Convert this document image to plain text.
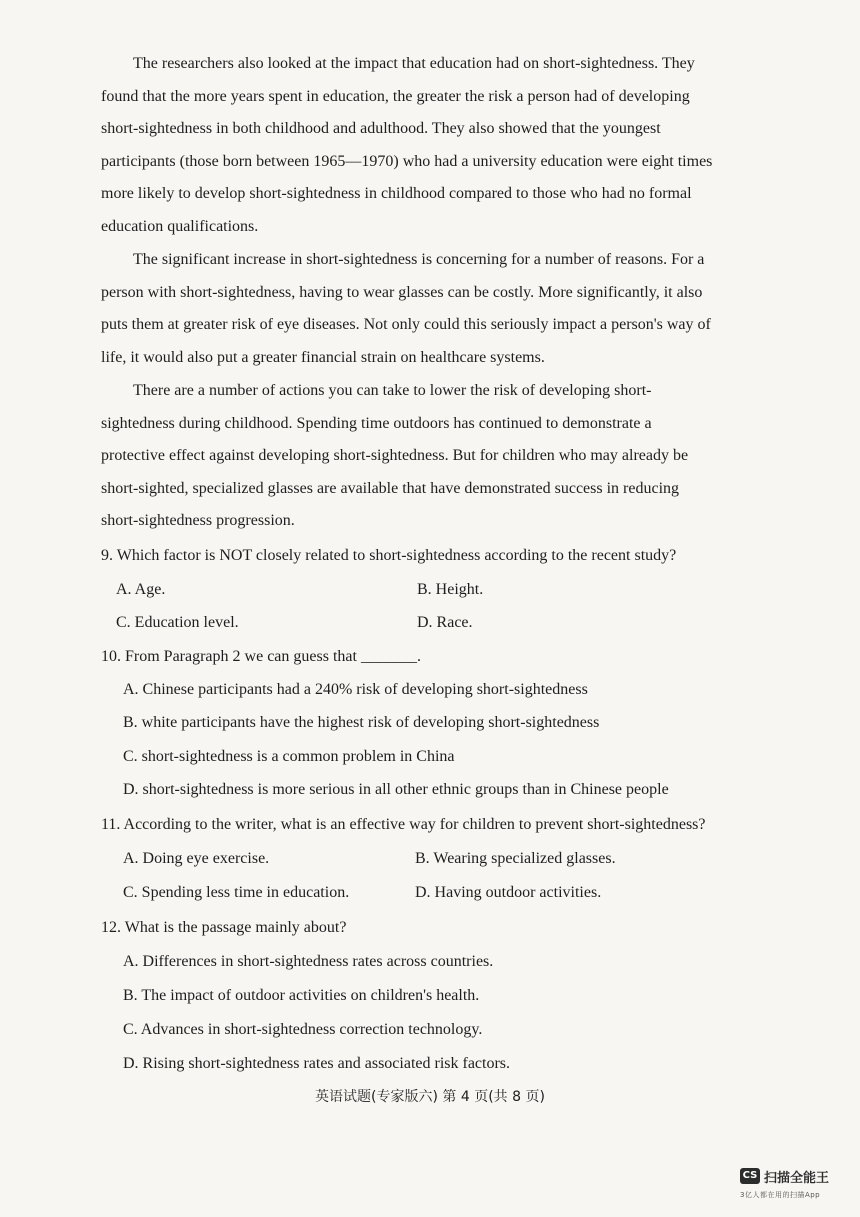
The researchers also looked at the impact that education had on short-sightedness. They
found that the more years spent in education, the greater the risk a person had of developing
short-sightedness in both childhood and adulthood. They also showed that the youngest
participants (those born between 1965—1970) who had a university education were eight times
more likely to develop short-sightedness in childhood compared to those who had no formal
education qualifications.
The significant increase in short-sightedness is concerning for a number of reasons. For a
person with short-sightedness, having to wear glasses can be costly. More significantly, it also
puts them at greater risk of eye diseases. Not only could this seriously impact a person's way of
life, it would also put a greater financial strain on healthcare systems.
There are a number of actions you can take to lower the risk of developing short-
sightedness during childhood. Spending time outdoors has continued to demonstrate a
protective effect against developing short-sightedness. But for children who may already be
short-sighted, specialized glasses are available that have demonstrated success in reducing
short-sightedness progression.
9. Which factor is NOT closely related to short-sightedness according to the recent study?
A. Age.	B. Height.
C. Education level.	D. Race.
10. From Paragraph 2 we can guess that _______.
A. Chinese participants had a 240% risk of developing short-sightedness
B. white participants have the highest risk of developing short-sightedness
C. short-sightedness is a common problem in China
D. short-sightedness is more serious in all other ethnic groups than in Chinese people
11. According to the writer, what is an effective way for children to prevent short-sightedness?
A. Doing eye exercise.	B. Wearing specialized glasses.
C. Spending less time in education.	D. Having outdoor activities.
12. What is the passage mainly about?
A. Differences in short-sightedness rates across countries.
B. The impact of outdoor activities on children's health.
C. Advances in short-sightedness correction technology.
D. Rising short-sightedness rates and associated risk factors.
英语试题(专家版六) 第 4 页(共 8 页)
CS 扫描全能王
3亿人都在用的扫描App
